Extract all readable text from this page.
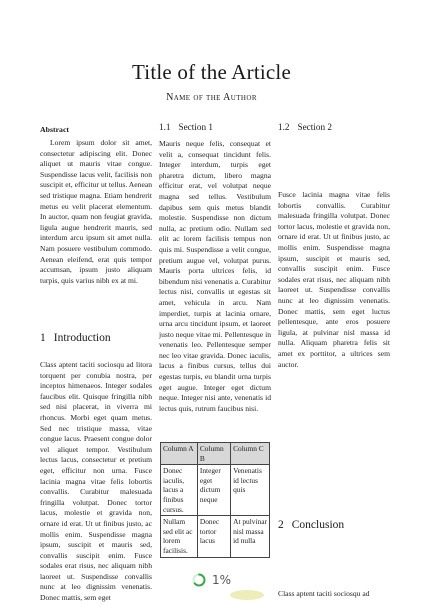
Title of the Article
Name of the Author
Abstract

Lorem ipsum dolor sit amet, consectetur adipiscing elit. Donec aliquet ut mauris vitae congue. Suspendisse lacus velit, facilisis non suscipit et, efficitur ut tellus. Aenean sed tristique magna. Etiam hendrerit metus eu velit placerat elementum. In auctor, quam non feugiat gravida, ligula augue hendrerit mauris, sed interdum arcu ipsum sit amet nulla. Nam posuere vestibulum commodo. Aenean eleifend, erat quis tempor accumsan, ipsum justo aliquam turpis, quis varius nibh ex at mi.

1 Introduction

Class aptent taciti sociosqu ad litora torquent per conubia nostra, per inceptos himenaeos. Integer sodales faucibus elit. Quisque fringilla nibh sed nisi placerat, in viverra mi rhoncus. Morbi eget quam metus. Sed nec tristique massa, vitae congue lacus. Praesent congue dolor vel aliquet tempor. Vestibulum lectus lacus, consectetur et pretium eget, efficitur non urna. Fusce lacinia magna vitae felis lobortis convallis. Curabitur malesuada fringilla volutpat. Donec tortor lacus, molestie et gravida non, ornare id erat. Ut ut finibus justo, ac mollis enim. Suspendisse magna ipsum, suscipit et mauris sed, convallis suscipit enim. Fusce sodales erat risus, nec aliquam nibh laoreet ut. Suspendisse convallis nunc at leo dignissim venenatis. Donec mattis, sem eget

1.1 Section 1

Mauris neque felis, consequat et velit a, consequat tincidunt felis. Integer interdum, turpis eget pharetra dictum, libero magna efficitur erat, vel volutpat neque magna sed tellus. Vestibulum dapibus sem quis metus blandit molestie. Suspendisse non dictum nulla, ac pretium odio. Nullam sed elit ac lorem facilisis tempus non quis mi. Suspendisse a velit congue, pretium augue vel, volutpat purus. Mauris porta ultrices felis, id bibendum nisi venenatis a. Curabitur lectus nisi, convallis ut egestas sit amet, vehicula in arcu. Nam imperdiet, turpis at lacinia ornare, urna arcu tincidunt ipsum, et laoreet justo neque vitae mi. Pellentesque in venenatis leo. Pellentesque semper nec leo vitae gravida. Donec iaculis, lacus a finibus cursus, tellus dui egestas turpis, eu blandit urna turpis eget augue. Integer eget dictum neque. Integer nisi ante, venenatis id lectus quis, rutrum faucibus nisi.

Column A	Column B	Column C
Donec iaculis, lacus a finibus cursus.	Integer eget dictum neque	Venenatis id lectus quis
Nullam sed elit ac lorem facilisis.	Donec tortor lacus	At pulvinar nisl massa id nulla
1.2 Section 2

Fusce lacinia magna vitae felis lobortis convallis. Curabitur malesuada fringilla volutpat. Donec tortor lacus, molestie et gravida non, ornare id erat. Ut ut finibus justo, ac mollis enim. Suspendisse magna ipsum, suscipit et mauris sed, convallis suscipit enim. Fusce sodales erat risus, nec aliquam nibh laoreet ut. Suspendisse convallis nunc at leo dignissim venenatis. Donec mattis, sem eget luctus pellentesque, ante eros posuere ligula, at pulvinar nisl massa id nulla. Aliquam pharetra felis sit amet ex porttitor, a ultrices sem auctor.

2 Conclusion

Class aptent taciti sociosqu ad

1%
